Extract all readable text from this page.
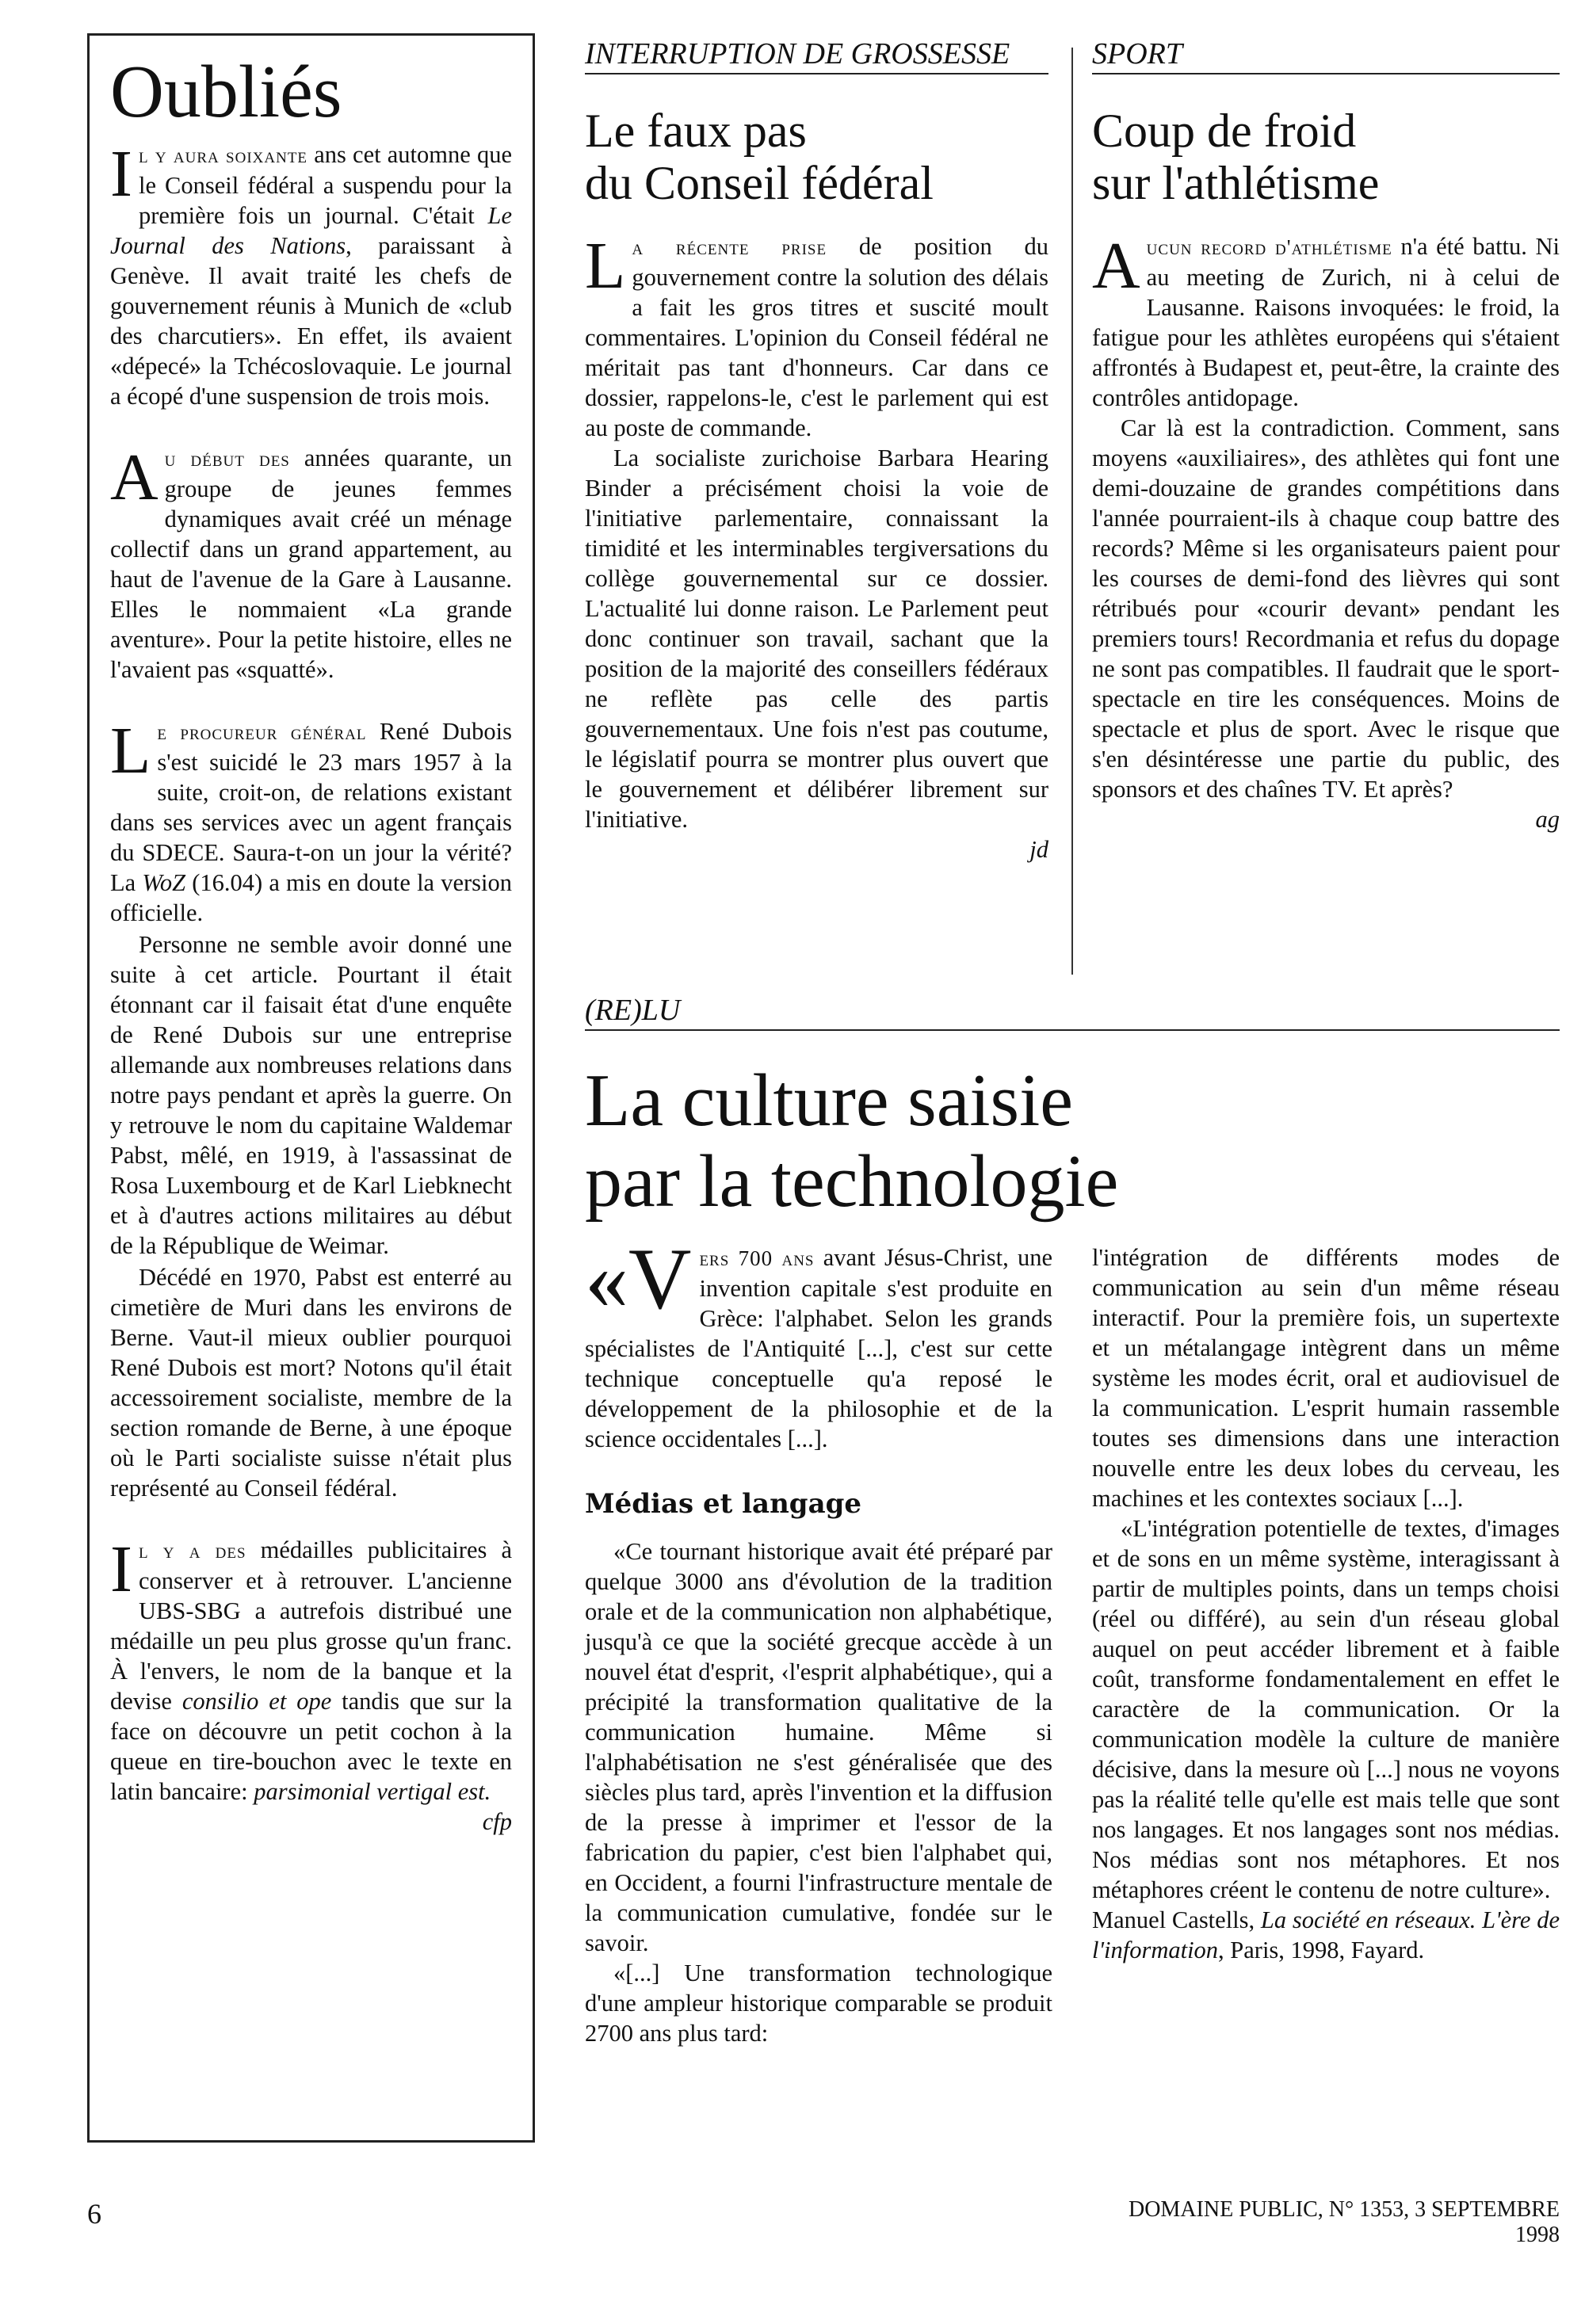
Oubliés

Il y aura soixante ans cet automne que le Conseil fédéral a suspendu pour la première fois un journal. C'était Le Journal des Nations, paraissant à Genève. Il avait traité les chefs de gouvernement réunis à Munich de «club des charcutiers». En effet, ils avaient «dépecé» la Tchécoslovaquie. Le journal a écopé d'une suspension de trois mois.

Au début des années quarante, un groupe de jeunes femmes dynamiques avait créé un ménage collectif dans un grand appartement, au haut de l'avenue de la Gare à Lausanne. Elles le nommaient «La grande aventure». Pour la petite histoire, elles ne l'avaient pas «squatté».

Le procureur général René Dubois s'est suicidé le 23 mars 1957 à la suite, croit-on, de relations existant dans ses services avec un agent français du SDECE. Saura-t-on un jour la vérité? La WoZ (16.04) a mis en doute la version officielle.

Personne ne semble avoir donné une suite à cet article. Pourtant il était étonnant car il faisait état d'une enquête de René Dubois sur une entreprise allemande aux nombreuses relations dans notre pays pendant et après la guerre. On y retrouve le nom du capitaine Waldemar Pabst, mêlé, en 1919, à l'assassinat de Rosa Luxembourg et de Karl Liebknecht et à d'autres actions militaires au début de la République de Weimar.

Décédé en 1970, Pabst est enterré au cimetière de Muri dans les environs de Berne. Vaut-il mieux oublier pourquoi René Dubois est mort? Notons qu'il était accessoirement socialiste, membre de la section romande de Berne, à une époque où le Parti socialiste suisse n'était plus représenté au Conseil fédéral.

Il y a des médailles publicitaires à conserver et à retrouver. L'ancienne UBS-SBG a autrefois distribué une médaille un peu plus grosse qu'un franc. À l'envers, le nom de la banque et la devise consilio et ope tandis que sur la face on découvre un petit cochon à la queue en tire-bouchon avec le texte en latin bancaire: parsimonial vertigal est.
cfp

INTERRUPTION DE GROSSESSE
Le faux pas
du Conseil fédéral

La récente prise de position du gouvernement contre la solution des délais a fait les gros titres et suscité moult commentaires. L'opinion du Conseil fédéral ne méritait pas tant d'honneurs. Car dans ce dossier, rappelons-le, c'est le parlement qui est au poste de commande.

La socialiste zurichoise Barbara Hearing Binder a précisément choisi la voie de l'initiative parlementaire, connaissant la timidité et les interminables tergiversations du collège gouvernemental sur ce dossier. L'actualité lui donne raison. Le Parlement peut donc continuer son travail, sachant que la position de la majorité des conseillers fédéraux ne reflète pas celle des partis gouvernementaux. Une fois n'est pas coutume, le législatif pourra se montrer plus ouvert que le gouvernement et délibérer librement sur l'initiative.

jd
SPORT
Coup de froid
sur l'athlétisme

Aucun record d'athlétisme n'a été battu. Ni au meeting de Zurich, ni à celui de Lausanne. Raisons invoquées: le froid, la fatigue pour les athlètes européens qui s'étaient affrontés à Budapest et, peut-être, la crainte des contrôles antidopage.

Car là est la contradiction. Comment, sans moyens «auxiliaires», des athlètes qui font une demi-douzaine de grandes compétitions dans l'année pourraient-ils à chaque coup battre des records? Même si les organisateurs paient pour les courses de demi-fond des lièvres qui sont rétribués pour «courir devant» pendant les premiers tours! Recordmania et refus du dopage ne sont pas compatibles. Il faudrait que le sport-spectacle en tire les conséquences. Moins de spectacle et plus de sport. Avec le risque que s'en désintéresse une partie du public, des sponsors et des chaînes TV. Et après?

ag
(RE)LU
La culture saisie
par la technologie

«V ers 700 ans avant Jésus-Christ, une invention capitale s'est produite en Grèce: l'alphabet. Selon les grands spécialistes de l'Antiquité [...], c'est sur cette technique conceptuelle qu'a reposé le développement de la philosophie et de la science occidentales [...].

Médias et langage

«Ce tournant historique avait été préparé par quelque 3000 ans d'évolution de la tradition orale et de la communication non alphabétique, jusqu'à ce que la société grecque accède à un nouvel état d'esprit, ‹l'esprit alphabétique›, qui a précipité la transformation qualitative de la communication humaine. Même si l'alphabétisation ne s'est généralisée que des siècles plus tard, après l'invention et la diffusion de la presse à imprimer et l'essor de la fabrication du papier, c'est bien l'alphabet qui, en Occident, a fourni l'infrastructure mentale de la communication cumulative, fondée sur le savoir.

«[...] Une transformation technologique d'une ampleur historique comparable se produit 2700 ans plus tard:

l'intégration de différents modes de communication au sein d'un même réseau interactif. Pour la première fois, un supertexte et un métalangage intègrent dans un même système les modes écrit, oral et audiovisuel de la communication. L'esprit humain rassemble toutes ses dimensions dans une interaction nouvelle entre les deux lobes du cerveau, les machines et les contextes sociaux [...].

«L'intégration potentielle de textes, d'images et de sons en un même système, interagissant à partir de multiples points, dans un temps choisi (réel ou différé), au sein d'un réseau global auquel on peut accéder librement et à faible coût, transforme fondamentalement en effet le caractère de la communication. Or la communication modèle la culture de manière décisive, dans la mesure où [...] nous ne voyons pas la réalité telle qu'elle est mais telle que sont nos langages. Et nos langages sont nos médias. Nos médias sont nos métaphores. Et nos métaphores créent le contenu de notre culture».

Manuel Castells, La société en réseaux. L'ère de l'information, Paris, 1998, Fayard.

6	DOMAINE PUBLIC, N° 1353, 3 SEPTEMBRE 1998
